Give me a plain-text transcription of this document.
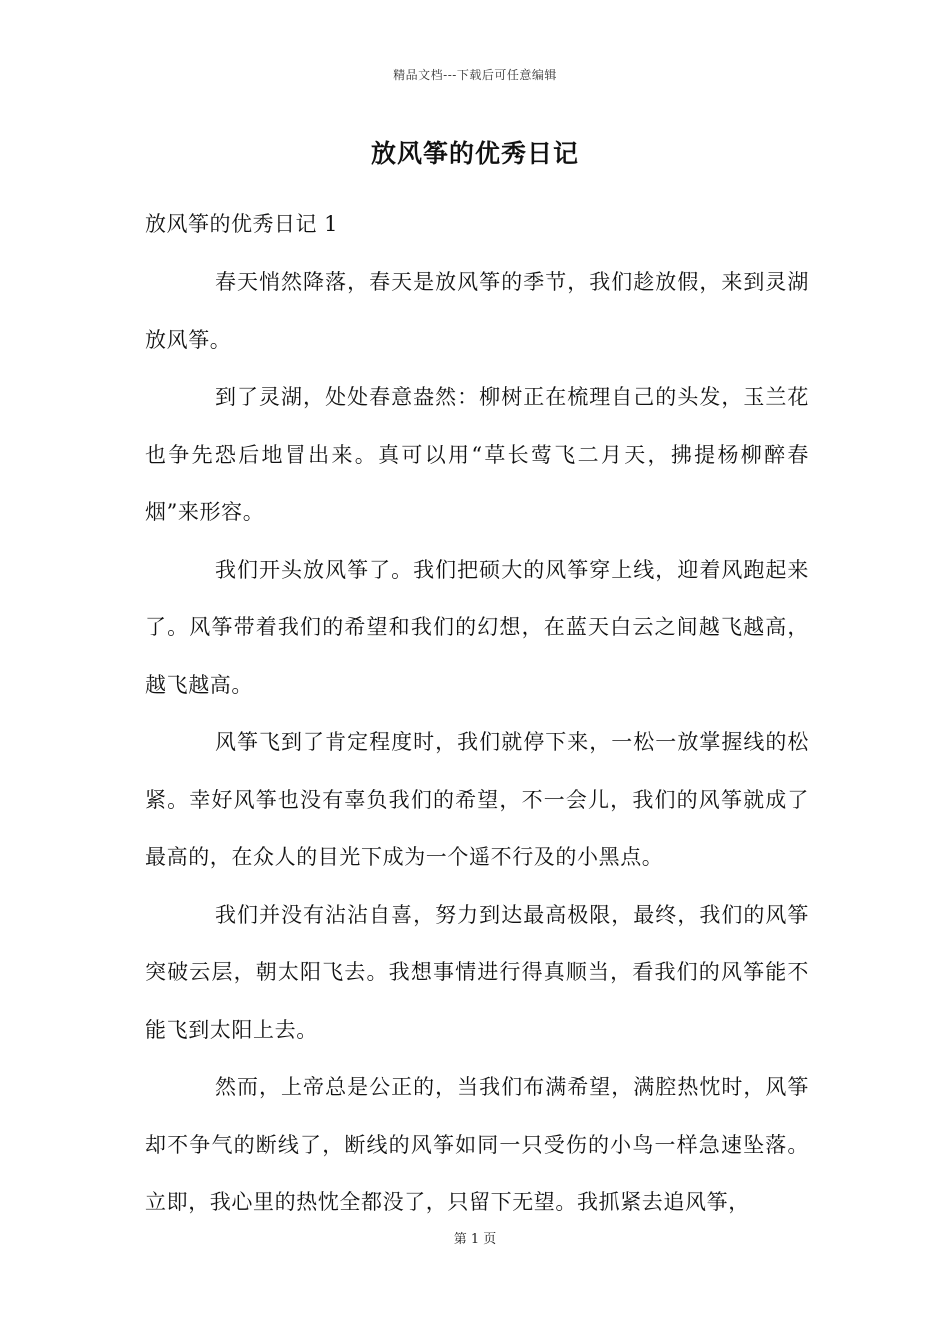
精品文档---下载后可任意编辑
放风筝的优秀日记
放风筝的优秀日记 1

春天悄然降落，春天是放风筝的季节，我们趁放假，来到灵湖放风筝。

到了灵湖，处处春意盎然：柳树正在梳理自己的头发，玉兰花也争先恐后地冒出来。真可以用“草长莺飞二月天，拂提杨柳醉春烟”来形容。

我们开头放风筝了。我们把硕大的风筝穿上线，迎着风跑起来了。风筝带着我们的希望和我们的幻想，在蓝天白云之间越飞越高，越飞越高。

风筝飞到了肯定程度时，我们就停下来，一松一放掌握线的松紧。幸好风筝也没有辜负我们的希望，不一会儿，我们的风筝就成了最高的，在众人的目光下成为一个遥不行及的小黑点。

我们并没有沾沾自喜，努力到达最高极限，最终，我们的风筝突破云层，朝太阳飞去。我想事情进行得真顺当，看我们的风筝能不能飞到太阳上去。

然而，上帝总是公正的，当我们布满希望，满腔热忱时，风筝却不争气的断线了，断线的风筝如同一只受伤的小鸟一样急速坠落。立即，我心里的热忱全都没了，只留下无望。我抓紧去追风筝，

第 1 页
